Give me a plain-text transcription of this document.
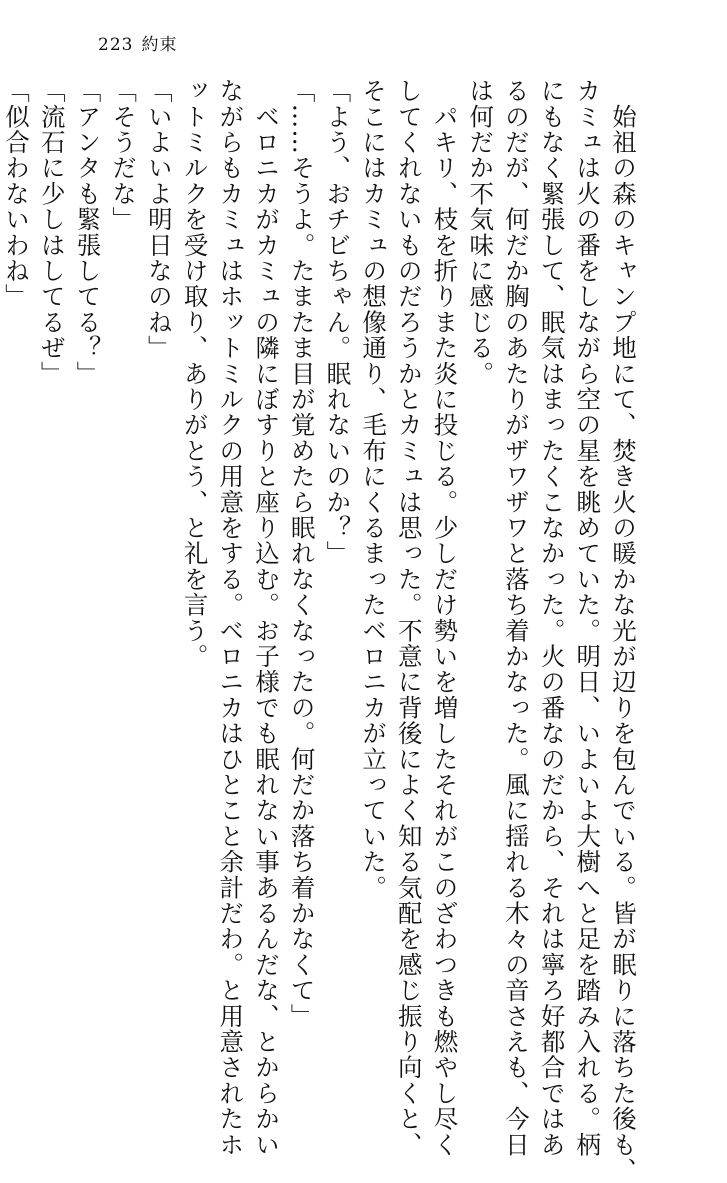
223 約束
　始祖の森のキャンプ地にて、焚き火の暖かな光が辺りを包んでいる。皆が眠りに落ちた後も、
カミュは火の番をしながら空の星を眺めていた。明日、いよいよ大樹へと足を踏み入れる。柄
にもなく緊張して、眠気はまったくこなかった。火の番なのだから、それは寧ろ好都合ではあ
るのだが、何だか胸のあたりがザワザワと落ち着かなった。風に揺れる木々の音さえも、今日
は何だか不気味に感じる。
　パキリ、枝を折りまた炎に投じる。少しだけ勢いを増したそれがこのざわつきも燃やし尽く
してくれないものだろうかとカミュは思った。不意に背後によく知る気配を感じ振り向くと、
そこにはカミュの想像通り、毛布にくるまったベロニカが立っていた。
「よう、おチビちゃん。眠れないのか？」
「……そうよ。たまたま目が覚めたら眠れなくなったの。何だか落ち着かなくて」
　ベロニカがカミュの隣にぼすりと座り込む。お子様でも眠れない事あるんだな、とからかい
ながらもカミュはホットミルクの用意をする。ベロニカはひとこと余計だわ。と用意されたホ
ットミルクを受け取り、ありがとう、と礼を言う。
「いよいよ明日なのね」
「そうだな」
「アンタも緊張してる？」
「流石に少しはしてるぜ」
「似合わないわね」
